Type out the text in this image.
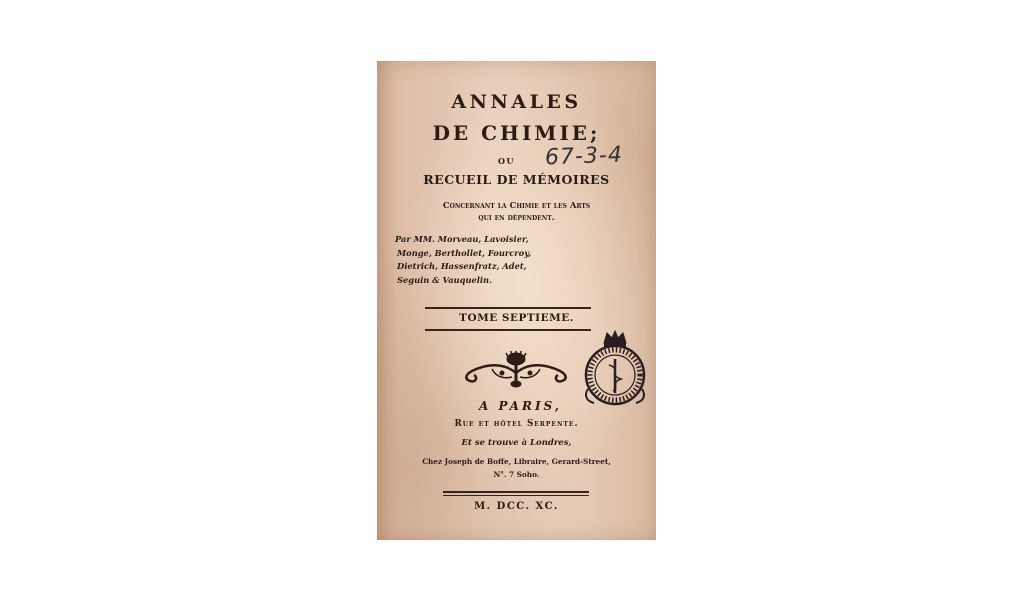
ANNALES
DE CHIMIE;
OU	67-3-4
RECUEIL DE MÉMOIRES
Concernant la Chimie et les Arts
qui en dépendent.
Par MM. Morveau, Lavoisier,
Monge, Berthollet, Fourcroy,
Dietrich, Hassenfratz, Adet,
Seguin & Vauquelin.
TOME SEPTIEME.
A PARIS,
Rue et hôtel Serpente.
Et se trouve à Londres,
Chez Joseph de Boffe, Libraire, Gerard-Street,
N°. 7 Soho.
M. DCC. XC.
